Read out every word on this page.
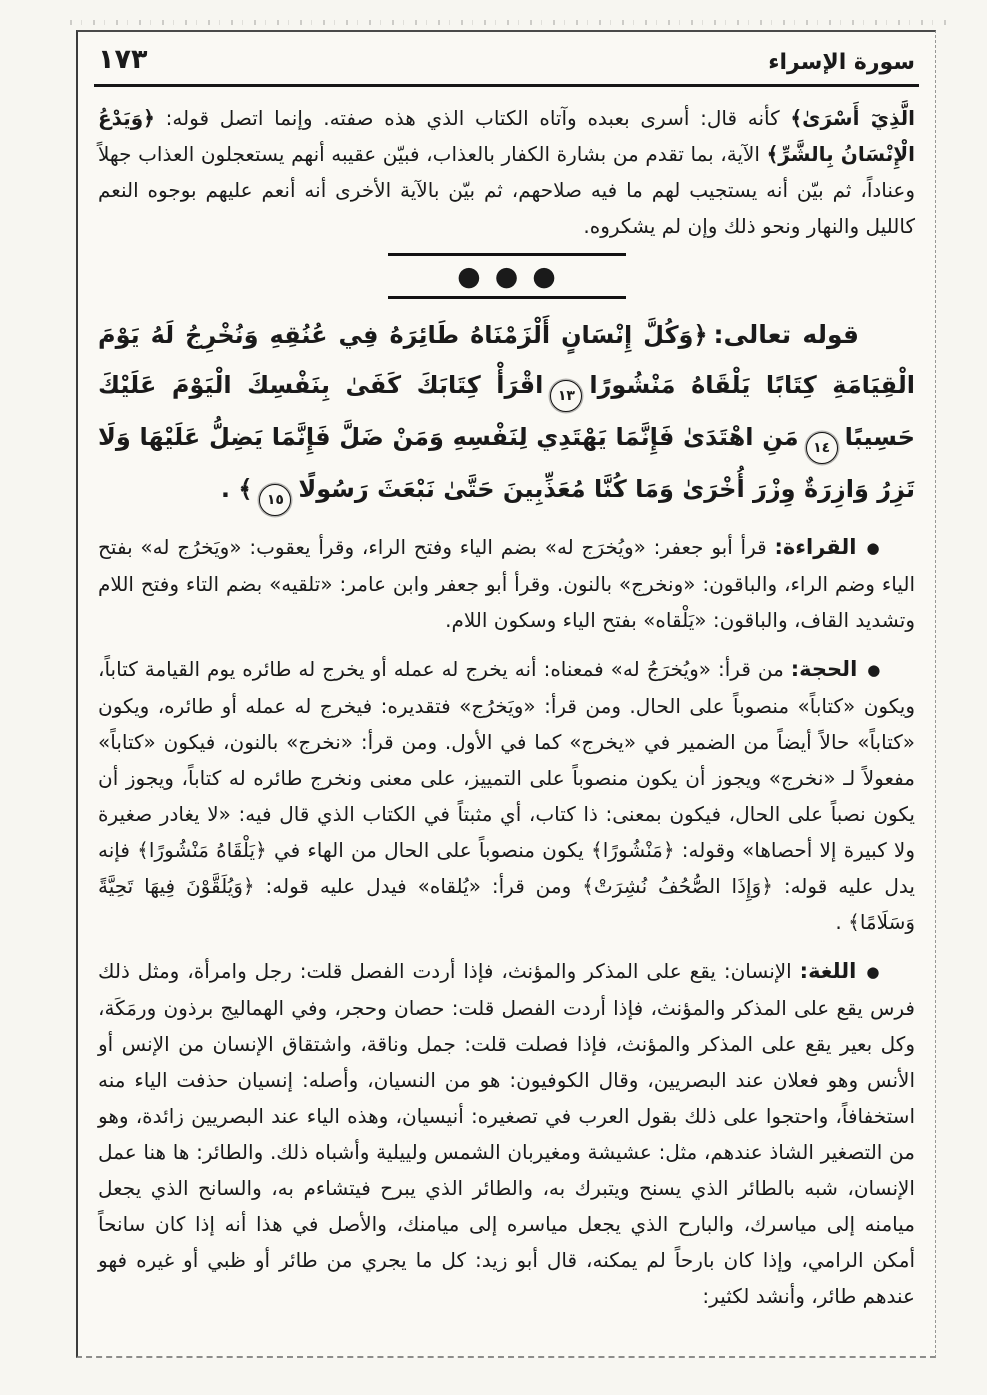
سورة الإسراء
١٧٣

الَّذِيٓ أَسْرَىٰ﴾ كأنه قال: أسرى بعبده وآتاه الكتاب الذي هذه صفته. وإنما اتصل قوله: ﴿وَيَدْعُ الْإِنْسَانُ بِالشَّرِّ﴾ الآية، بما تقدم من بشارة الكفار بالعذاب، فبيّن عقيبه أنهم يستعجلون العذاب جهلاً وعناداً، ثم بيّن أنه يستجيب لهم ما فيه صلاحهم، ثم بيّن بالآية الأخرى أنه أنعم عليهم بوجوه النعم كالليل والنهار ونحو ذلك وإن لم يشكروه.

●●●

قوله تعالى:﴿وَكُلَّ إِنْسَانٍ أَلْزَمْنَاهُ طَائِرَهُ فِي عُنُقِهِ وَنُخْرِجُ لَهُ يَوْمَ الْقِيَامَةِ كِتَابًا يَلْقَاهُ مَنْشُورًا١٣اقْرَأْ كِتَابَكَ كَفَىٰ بِنَفْسِكَ الْيَوْمَ عَلَيْكَ حَسِيبًا١٤مَنِ اهْتَدَىٰ فَإِنَّمَا يَهْتَدِي لِنَفْسِهِ وَمَنْ ضَلَّ فَإِنَّمَا يَضِلُّ عَلَيْهَا وَلَا تَزِرُ وَازِرَةٌ وِزْرَ أُخْرَىٰ وَمَا كُنَّا مُعَذِّبِينَ حَتَّىٰ نَبْعَثَ رَسُولًا١٥﴾ .

●القراءة: قرأ أبو جعفر: «ويُخرَج له» بضم الياء وفتح الراء، وقرأ يعقوب: «ويَخرُج له» بفتح الياء وضم الراء، والباقون: «ونخرج» بالنون. وقرأ أبو جعفر وابن عامر: «تلقيه» بضم التاء وفتح اللام وتشديد القاف، والباقون: «يَلْقاه» بفتح الياء وسكون اللام.

●الحجة: من قرأ: «ويُخرَجُ له» فمعناه: أنه يخرج له عمله أو يخرج له طائره يوم القيامة كتاباً، ويكون «كتاباً» منصوباً على الحال. ومن قرأ: «ويَخرُج» فتقديره: فيخرج له عمله أو طائره، ويكون «كتاباً» حالاً أيضاً من الضمير في «يخرج» كما في الأول. ومن قرأ: «نخرج» بالنون، فيكون «كتاباً» مفعولاً لـ «نخرج» ويجوز أن يكون منصوباً على التمييز، على معنى ونخرج طائره له كتاباً، ويجوز أن يكون نصباً على الحال، فيكون بمعنى: ذا كتاب، أي مثبتاً في الكتاب الذي قال فيه: «لا يغادر صغيرة ولا كبيرة إلا أحصاها» وقوله: ﴿مَنْشُورًا﴾ يكون منصوباً على الحال من الهاء في ﴿يَلْقَاهُ مَنْشُورًا﴾ فإنه يدل عليه قوله: ﴿وَإِذَا الصُّحُفُ نُشِرَتْ﴾ ومن قرأ: «يُلقاه» فيدل عليه قوله: ﴿وَيُلَقَّوْنَ فِيهَا تَحِيَّةً وَسَلَامًا﴾ .

●اللغة: الإنسان: يقع على المذكر والمؤنث، فإذا أردت الفصل قلت: رجل وامرأة، ومثل ذلك فرس يقع على المذكر والمؤنث، فإذا أردت الفصل قلت: حصان وحجر، وفي الهماليج برذون ورمَكَة، وكل بعير يقع على المذكر والمؤنث، فإذا فصلت قلت: جمل وناقة، واشتقاق الإنسان من الإنس أو الأنس وهو فعلان عند البصريين، وقال الكوفيون: هو من النسيان، وأصله: إنسيان حذفت الياء منه استخفافاً، واحتجوا على ذلك بقول العرب في تصغيره: أنيسيان، وهذه الياء عند البصريين زائدة، وهو من التصغير الشاذ عندهم، مثل: عشيشة ومغيربان الشمس ولييلية وأشباه ذلك. والطائر: ها هنا عمل الإنسان، شبه بالطائر الذي يسنح ويتبرك به، والطائر الذي يبرح فيتشاءم به، والسانح الذي يجعل ميامنه إلى مياسرك، والبارح الذي يجعل مياسره إلى ميامنك، والأصل في هذا أنه إذا كان سانحاً أمكن الرامي، وإذا كان بارحاً لم يمكنه، قال أبو زيد: كل ما يجري من طائر أو ظبي أو غيره فهو عندهم طائر، وأنشد لكثير:
